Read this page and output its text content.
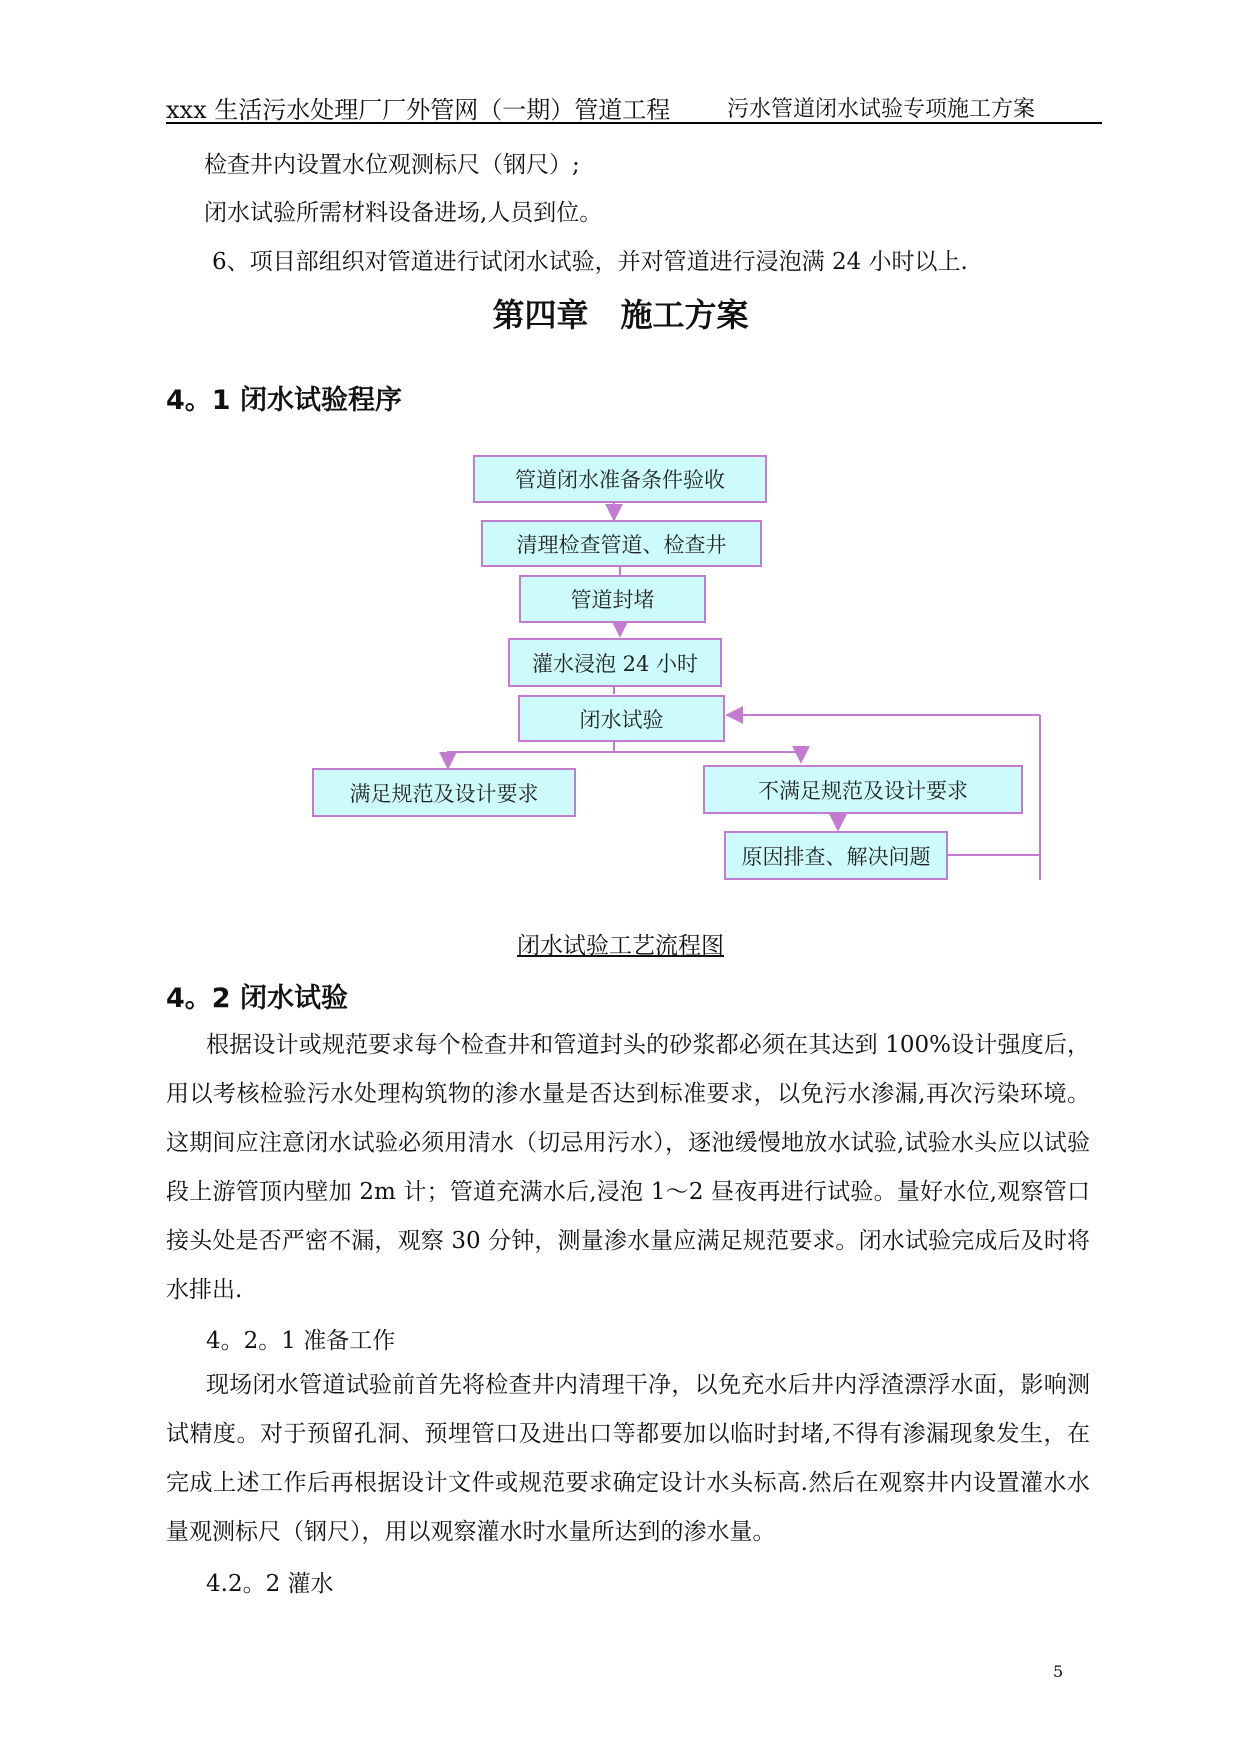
xxx 生活污水处理厂厂外管网（一期）管道工程	污水管道闭水试验专项施工方案
检查井内设置水位观测标尺（钢尺）;
闭水试验所需材料设备进场,人员到位。
6、项目部组织对管道进行试闭水试验，并对管道进行浸泡满 24 小时以上.
第四章　施工方案
4。1 闭水试验程序
管道闭水准备条件验收
清理检查管道、检查井
管道封堵
灌水浸泡 24 小时
闭水试验
满足规范及设计要求	不满足规范及设计要求
原因排查、解决问题
闭水试验工艺流程图
4。2 闭水试验

根据设计或规范要求每个检查井和管道封头的砂浆都必须在其达到 100%设计强度后，用以考核检验污水处理构筑物的渗水量是否达到标准要求，以免污水渗漏,再次污染环境。这期间应注意闭水试验必须用清水（切忌用污水），逐池缓慢地放水试验,试验水头应以试验段上游管顶内壁加 2m 计；管道充满水后,浸泡 1～2 昼夜再进行试验。量好水位,观察管口接头处是否严密不漏，观察 30 分钟，测量渗水量应满足规范要求。闭水试验完成后及时将水排出.

4。2。1 准备工作

现场闭水管道试验前首先将检查井内清理干净，以免充水后井内浮渣漂浮水面，影响测试精度。对于预留孔洞、预埋管口及进出口等都要加以临时封堵,不得有渗漏现象发生，在完成上述工作后再根据设计文件或规范要求确定设计水头标高.然后在观察井内设置灌水水量观测标尺（钢尺），用以观察灌水时水量所达到的渗水量。

4.2。2 灌水
5
